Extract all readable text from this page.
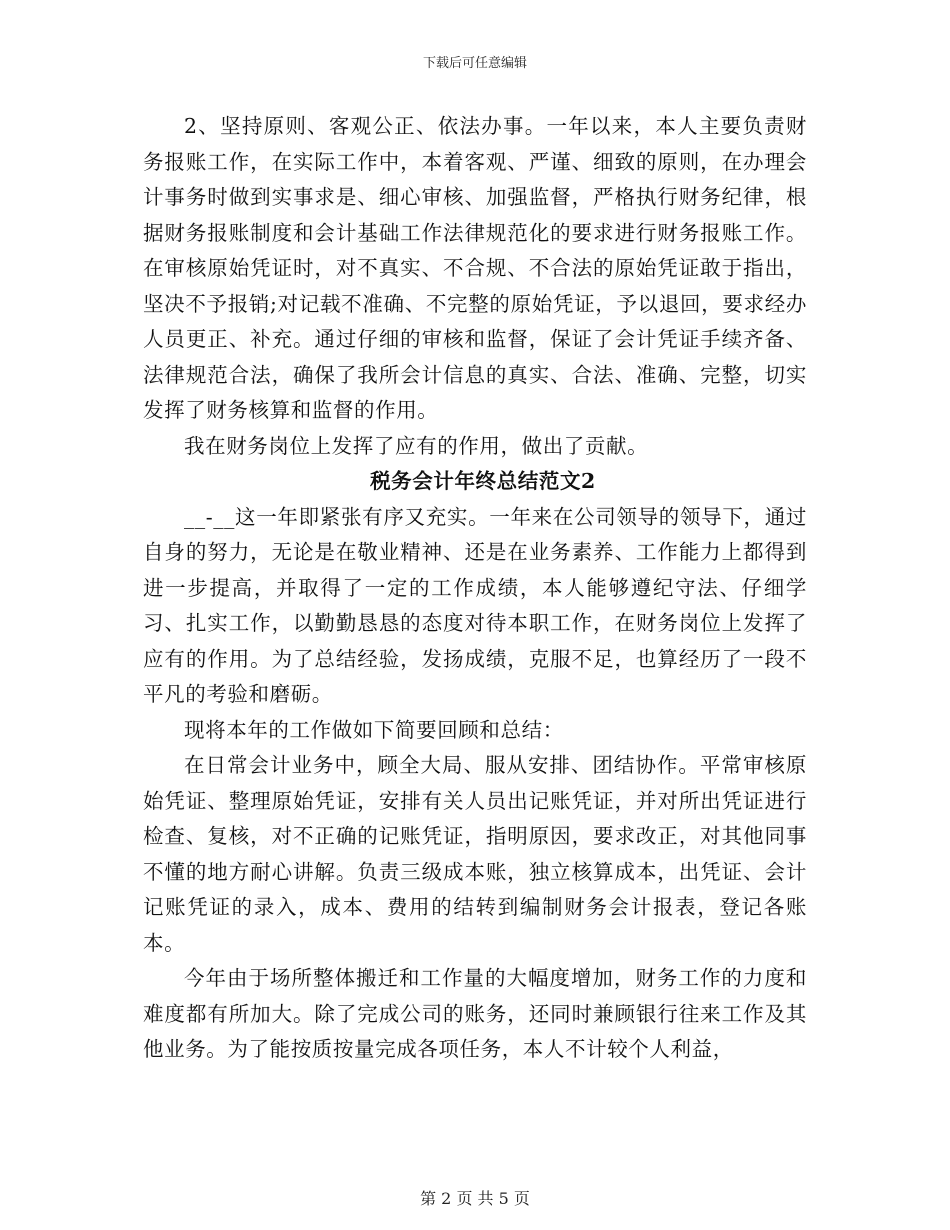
下载后可任意编辑

2、坚持原则、客观公正、依法办事。一年以来，本人主要负责财务报账工作，在实际工作中，本着客观、严谨、细致的原则，在办理会计事务时做到实事求是、细心审核、加强监督，严格执行财务纪律，根据财务报账制度和会计基础工作法律规范化的要求进行财务报账工作。在审核原始凭证时，对不真实、不合规、不合法的原始凭证敢于指出，坚决不予报销;对记载不准确、不完整的原始凭证，予以退回，要求经办人员更正、补充。通过仔细的审核和监督，保证了会计凭证手续齐备、法律规范合法，确保了我所会计信息的真实、合法、准确、完整，切实发挥了财务核算和监督的作用。

我在财务岗位上发挥了应有的作用，做出了贡献。

税务会计年终总结范文2

__-__这一年即紧张有序又充实。一年来在公司领导的领导下，通过自身的努力，无论是在敬业精神、还是在业务素养、工作能力上都得到进一步提高，并取得了一定的工作成绩，本人能够遵纪守法、仔细学习、扎实工作，以勤勤恳恳的态度对待本职工作，在财务岗位上发挥了应有的作用。为了总结经验，发扬成绩，克服不足，也算经历了一段不平凡的考验和磨砺。

现将本年的工作做如下简要回顾和总结：

在日常会计业务中，顾全大局、服从安排、团结协作。平常审核原始凭证、整理原始凭证，安排有关人员出记账凭证，并对所出凭证进行检查、复核，对不正确的记账凭证，指明原因，要求改正，对其他同事不懂的地方耐心讲解。负责三级成本账，独立核算成本，出凭证、会计记账凭证的录入，成本、费用的结转到编制财务会计报表，登记各账本。

今年由于场所整体搬迁和工作量的大幅度增加，财务工作的力度和难度都有所加大。除了完成公司的账务，还同时兼顾银行往来工作及其他业务。为了能按质按量完成各项任务，本人不计较个人利益，

第 2 页 共 5 页
